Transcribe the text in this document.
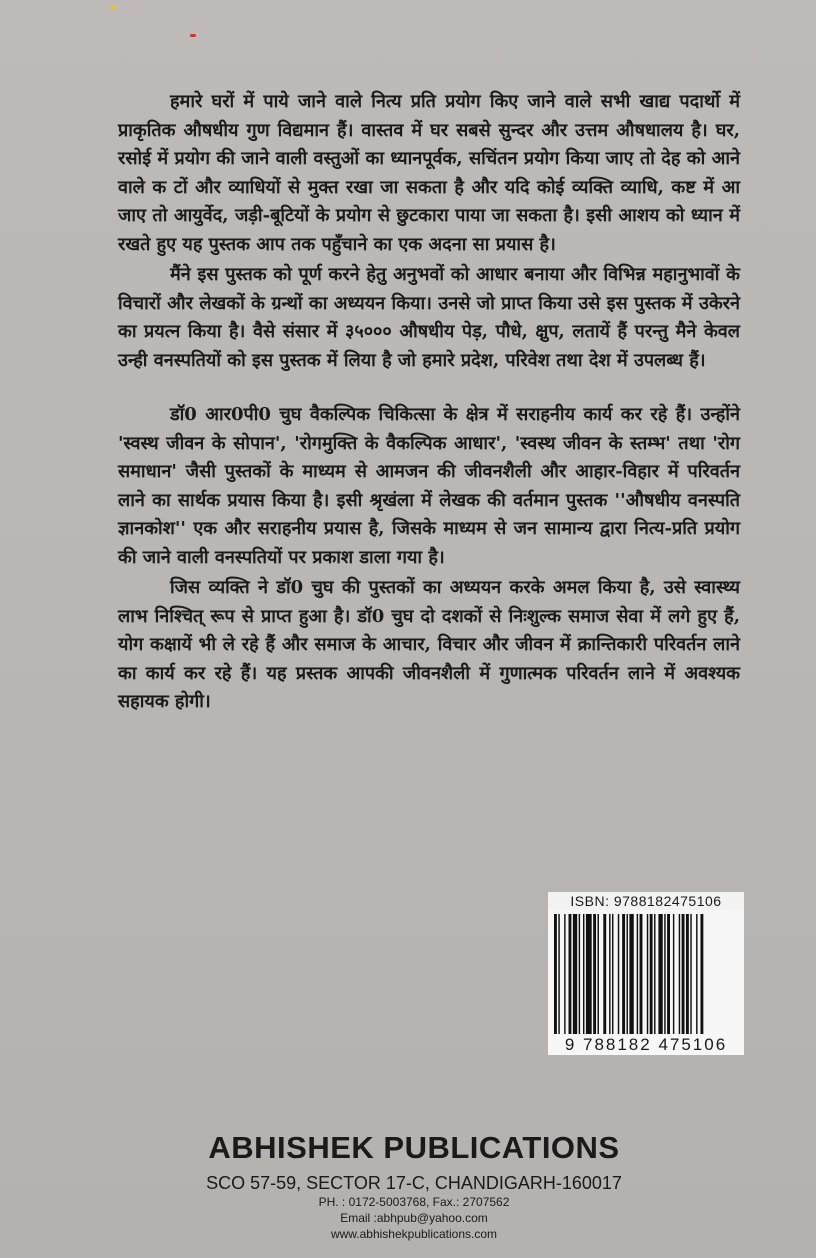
हमारे घरों में पाये जाने वाले नित्य प्रति प्रयोग किए जाने वाले सभी खाद्य पदार्थो में प्राकृतिक औषधीय गुण विद्यमान हैं। वास्तव में घर सबसे सुन्दर और उत्तम औषधालय है। घर, रसोई में प्रयोग की जाने वाली वस्तुओं का ध्यानपूर्वक, सचिंतन प्रयोग किया जाए तो देह को आने वाले क टों और व्याधियों से मुक्त रखा जा सकता है और यदि कोई व्यक्ति व्याधि, कष्ट में आ जाए तो आयुर्वेद, जड़ी-बूटियों के प्रयोग से छुटकारा पाया जा सकता है। इसी आशय को ध्यान में रखते हुए यह पुस्तक आप तक पहुँचाने का एक अदना सा प्रयास है।

मैंने इस पुस्तक को पूर्ण करने हेतु अनुभवों को आधार बनाया और विभिन्न महानुभावों के विचारों और लेखकों के ग्रन्थों का अध्ययन किया। उनसे जो प्राप्त किया उसे इस पुस्तक में उकेरने का प्रयत्न किया है। वैसे संसार में ३५००० औषधीय पेड़, पौधे, क्षुप, लतायें हैं परन्तु मैने केवल उन्ही वनस्पतियों को इस पुस्तक में लिया है जो हमारे प्रदेश, परिवेश तथा देश में उपलब्ध हैं।

डॉ0 आर0पी0 चुघ वैकल्पिक चिकित्सा के क्षेत्र में सराहनीय कार्य कर रहे हैं। उन्होंने 'स्वस्थ जीवन के सोपान', 'रोगमुक्ति के वैकल्पिक आधार', 'स्वस्थ जीवन के स्तम्भ' तथा 'रोग समाधान' जैसी पुस्तकों के माध्यम से आमजन की जीवनशैली और आहार-विहार में परिवर्तन लाने का सार्थक प्रयास किया है। इसी श्रृखंला में लेखक की वर्तमान पुस्तक ''औषधीय वनस्पति ज्ञानकोश'' एक और सराहनीय प्रयास है, जिसके माध्यम से जन सामान्य द्वारा नित्य-प्रति प्रयोग की जाने वाली वनस्पतियों पर प्रकाश डाला गया है।

जिस व्यक्ति ने डॉ0 चुघ की पुस्तकों का अध्ययन करके अमल किया है, उसे स्वास्थ्य लाभ निश्चित् रूप से प्राप्त हुआ है। डॉ0 चुघ दो दशकों से निःशुल्क समाज सेवा में लगे हुए हैं, योग कक्षायें भी ले रहे हैं और समाज के आचार, विचार और जीवन में क्रान्तिकारी परिवर्तन लाने का कार्य कर रहे हैं। यह प्रस्तक आपकी जीवनशैली में गुणात्मक परिवर्तन लाने में अवश्यक सहायक होगी।

ISBN: 9788182475106
9 788182 475106
ABHISHEK PUBLICATIONS
SCO 57-59, SECTOR 17-C, CHANDIGARH-160017
PH. : 0172-5003768, Fax.: 2707562
Email :abhpub@yahoo.com
www.abhishekpublications.com
